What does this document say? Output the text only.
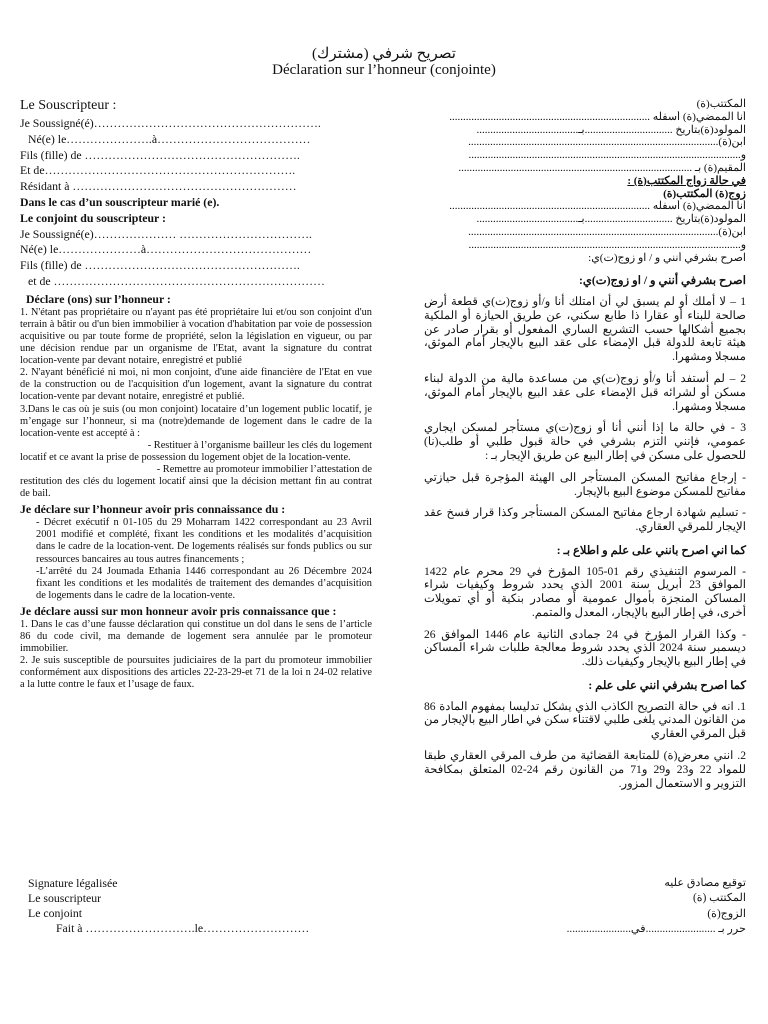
تصريح شرفي (مشترك)
Déclaration sur l’honneur (conjointe)
Le Souscripteur :
Je Soussigné(é)………………………………………………….
Né(e) le………………….à…………………………………
Fils (fille) de ……………………………………………….
Et de……………………………………………………….
Résidant à …………………………………………………
Dans le cas d’un souscripteur marié (e).
Le conjoint du souscripteur :
Je Soussigné(e)………………… …………………………….
Né(e) le…………………à……………………………………
Fils (fille) de ……………………………………………….
et de ……………………………………………………………
Déclare (ons) sur l’honneur :

1. N'étant pas propriétaire ou n'ayant pas été propriétaire lui et/ou son conjoint d'un terrain à bâtir ou d'un bien immobilier à vocation d'habitation par voie de possession acquisitive ou par toute forme de propriété, selon la législation en vigueur, ou par une décision rendue par un organisme de l'Etat, avant la signature du contrat location-vente par devant notaire, enregistré et publié

2. N'ayant bénéficié ni moi, ni mon conjoint, d'une aide financière de l'Etat en vue de la construction ou de l'acquisition d'un logement, avant la signature du contrat location-vente par devant notaire, enregistré et publié.

3.Dans le cas où je suis (ou mon conjoint) locataire d’un logement public locatif, je m’engage sur l’honneur, si ma (notre)demande de logement dans le cadre de la location-vente est accepté à :

- Restituer à l’organisme bailleur les clés du logement

locatif et ce avant la prise de possession du logement objet de la location-vente.

- Remettre au promoteur immobilier l’attestation de

restitution des clés du logement locatif ainsi que la décision mettant fin au contrat de bail.

Je déclare sur l’honneur avoir pris connaissance du :

- Décret exécutif n 01-105 du 29 Moharram 1422 correspondant au 23 Avril 2001 modifié et complété, fixant les conditions et les modalités d’acquisition dans le cadre de la location-vent. De logements réalisés sur fonds publics ou sur ressources bancaires au tous autres financements ;

-L’arrêté du 24 Joumada Ethania 1446 correspondant au 26 Décembre 2024 fixant les conditions et les modalités de traitement des demandes d’acquisition de logements dans le cadre de la location-vente.

Je déclare aussi sur mon honneur avoir pris connaissance que :

1. Dans le cas d’une fausse déclaration qui constitue un dol dans le sens de l’article 86 du code civil, ma demande de logement sera annulée par le promoteur immobilier.

2. Je suis susceptible de poursuites judiciaires de la part du promoteur immobilier conformément aux dispositions des articles 22-23-29-et 71 de la loi n 24-02 relative a la lutte contre le faux et l’usage de faux.

المكتتب(ة)
أنا الممضي(ة) أسفله .........................................................................
المولود(ة)بتاريخ ................................بـ.....................................
ابن(ة)...........................................................................................
و...................................................................................................
المقيم(ة) بـ .....................................................................................
في حالة زواج المكتتب(ة) :
زوج(ة) المكتتب(ة)
أنا الممضي(ة) أسفله .........................................................................
المولود(ة)بتاريخ ................................بـ.....................................
ابن(ة)...........................................................................................
و...................................................................................................
اصرح بشرفي أنني و / او زوج(ت)ي:
اصرح بشرفي أنني و / او زوج(ت)ي:

1 – لا أملك أو لم يسبق لي أن امتلك أنا و/أو زوج(ت)ي قطعة أرض صالحة للبناء أو عقارا ذا طابع سكني، عن طريق الحيازة أو الملكية بجميع أشكالها حسب التشريع الساري المفعول أو بقرار صادر عن هيئة تابعة للدولة قبل الإمضاء على عقد البيع بالإيجار أمام الموثق، مسجلا ومشهرا.

2 – لم أستفد أنا و/أو زوج(ت)ي من مساعدة مالية من الدولة لبناء مسكن أو لشرائه قبل الإمضاء على عقد البيع بالإيجار أمام الموثق، مسجلا ومشهرا.

3 - في حالة ما إذا أنني أنا أو زوج(ت)ي مستأجر لمسكن ايجاري عمومي، فإنني التزم بشرفي في حالة قبول طلبي أو طلب(نا) للحصول على مسكن في إطار البيع عن طريق الإيجار بـ :

- إرجاع مفاتيح المسكن المستأجر الى الهيئة المؤجرة قبل حيازتي مفاتيح للمسكن موضوع البيع بالإيجار.

- تسليم شهادة ارجاع مفاتيح المسكن المستأجر وكذا قرار فسخ عقد الإيجار للمرقي العقاري.

كما اني اصرح بانني على علم و اطلاع بـ :

- المرسوم التنفيذي رقم 01-105 المؤرخ في 29 محرم عام 1422 الموافق 23 أبريل سنة 2001 الذي يحدد شروط وكيفيات شراء المساكن المنجزة بأموال عمومية أو مصادر بنكية أو أي تمويلات أخرى، في إطار البيع بالإيجار، المعدل والمتمم.

- وكذا القرار المؤرخ في 24 جمادى الثانية عام 1446 الموافق 26 ديسمبر سنة 2024 الذي يحدد شروط معالجة طلبات شراء المساكن في إطار البيع بالإيجار وكيفيات ذلك.

كما اصرح بشرفي انني على علم :

1. انه في حالة التصريح الكاذب الذي يشكل تدليسا بمفهوم المادة 86 من القانون المدني يلغى طلبي لاقتناء سكن في اطار البيع بالإيجار من قبل المرقي العقاري

2. انني معرض(ة) للمتابعة القضائية من طرف المرقي العقاري طبقا للمواد 22 و23 و29 و71 من القانون رقم 24-02 المتعلق بمكافحة التزوير و الاستعمال المزور.

Signature légalisée
Le souscripteur
Le conjoint
Fait à ……………………….le………………………
توقيع مصادق عليه
المكتتب (ة)
الزوج(ة)
حرر بـ .........................في.......................
